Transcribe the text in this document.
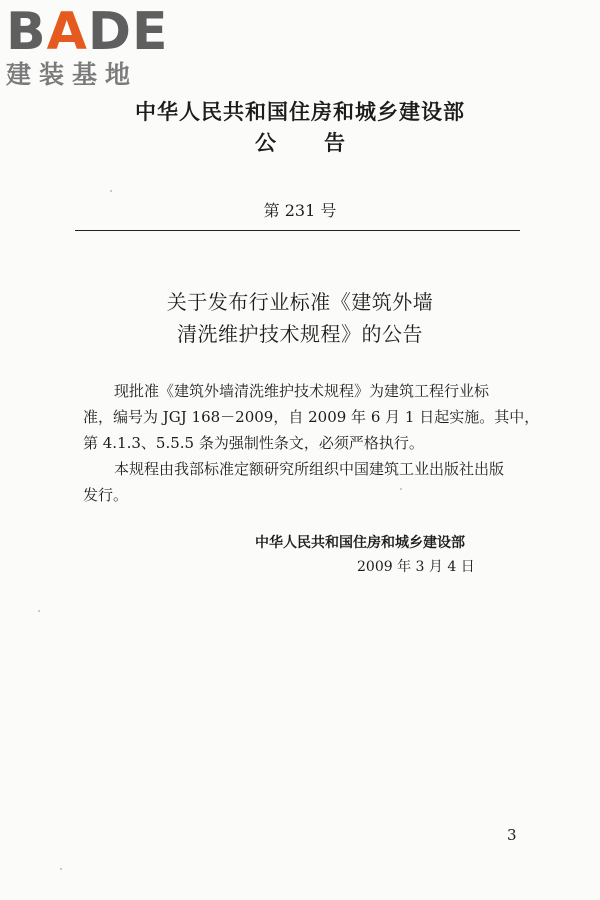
BADE
建装基地
中华人民共和国住房和城乡建设部
公 告
第 231 号
关于发布行业标准《建筑外墙
清洗维护技术规程》的公告
现批准《建筑外墙清洗维护技术规程》为建筑工程行业标
准，编号为 JGJ 168－2009，自 2009 年 6 月 1 日起实施。其中，
第 4.1.3、5.5.5 条为强制性条文，必须严格执行。
本规程由我部标准定额研究所组织中国建筑工业出版社出版
发行。
中华人民共和国住房和城乡建设部
2009 年 3 月 4 日
3
